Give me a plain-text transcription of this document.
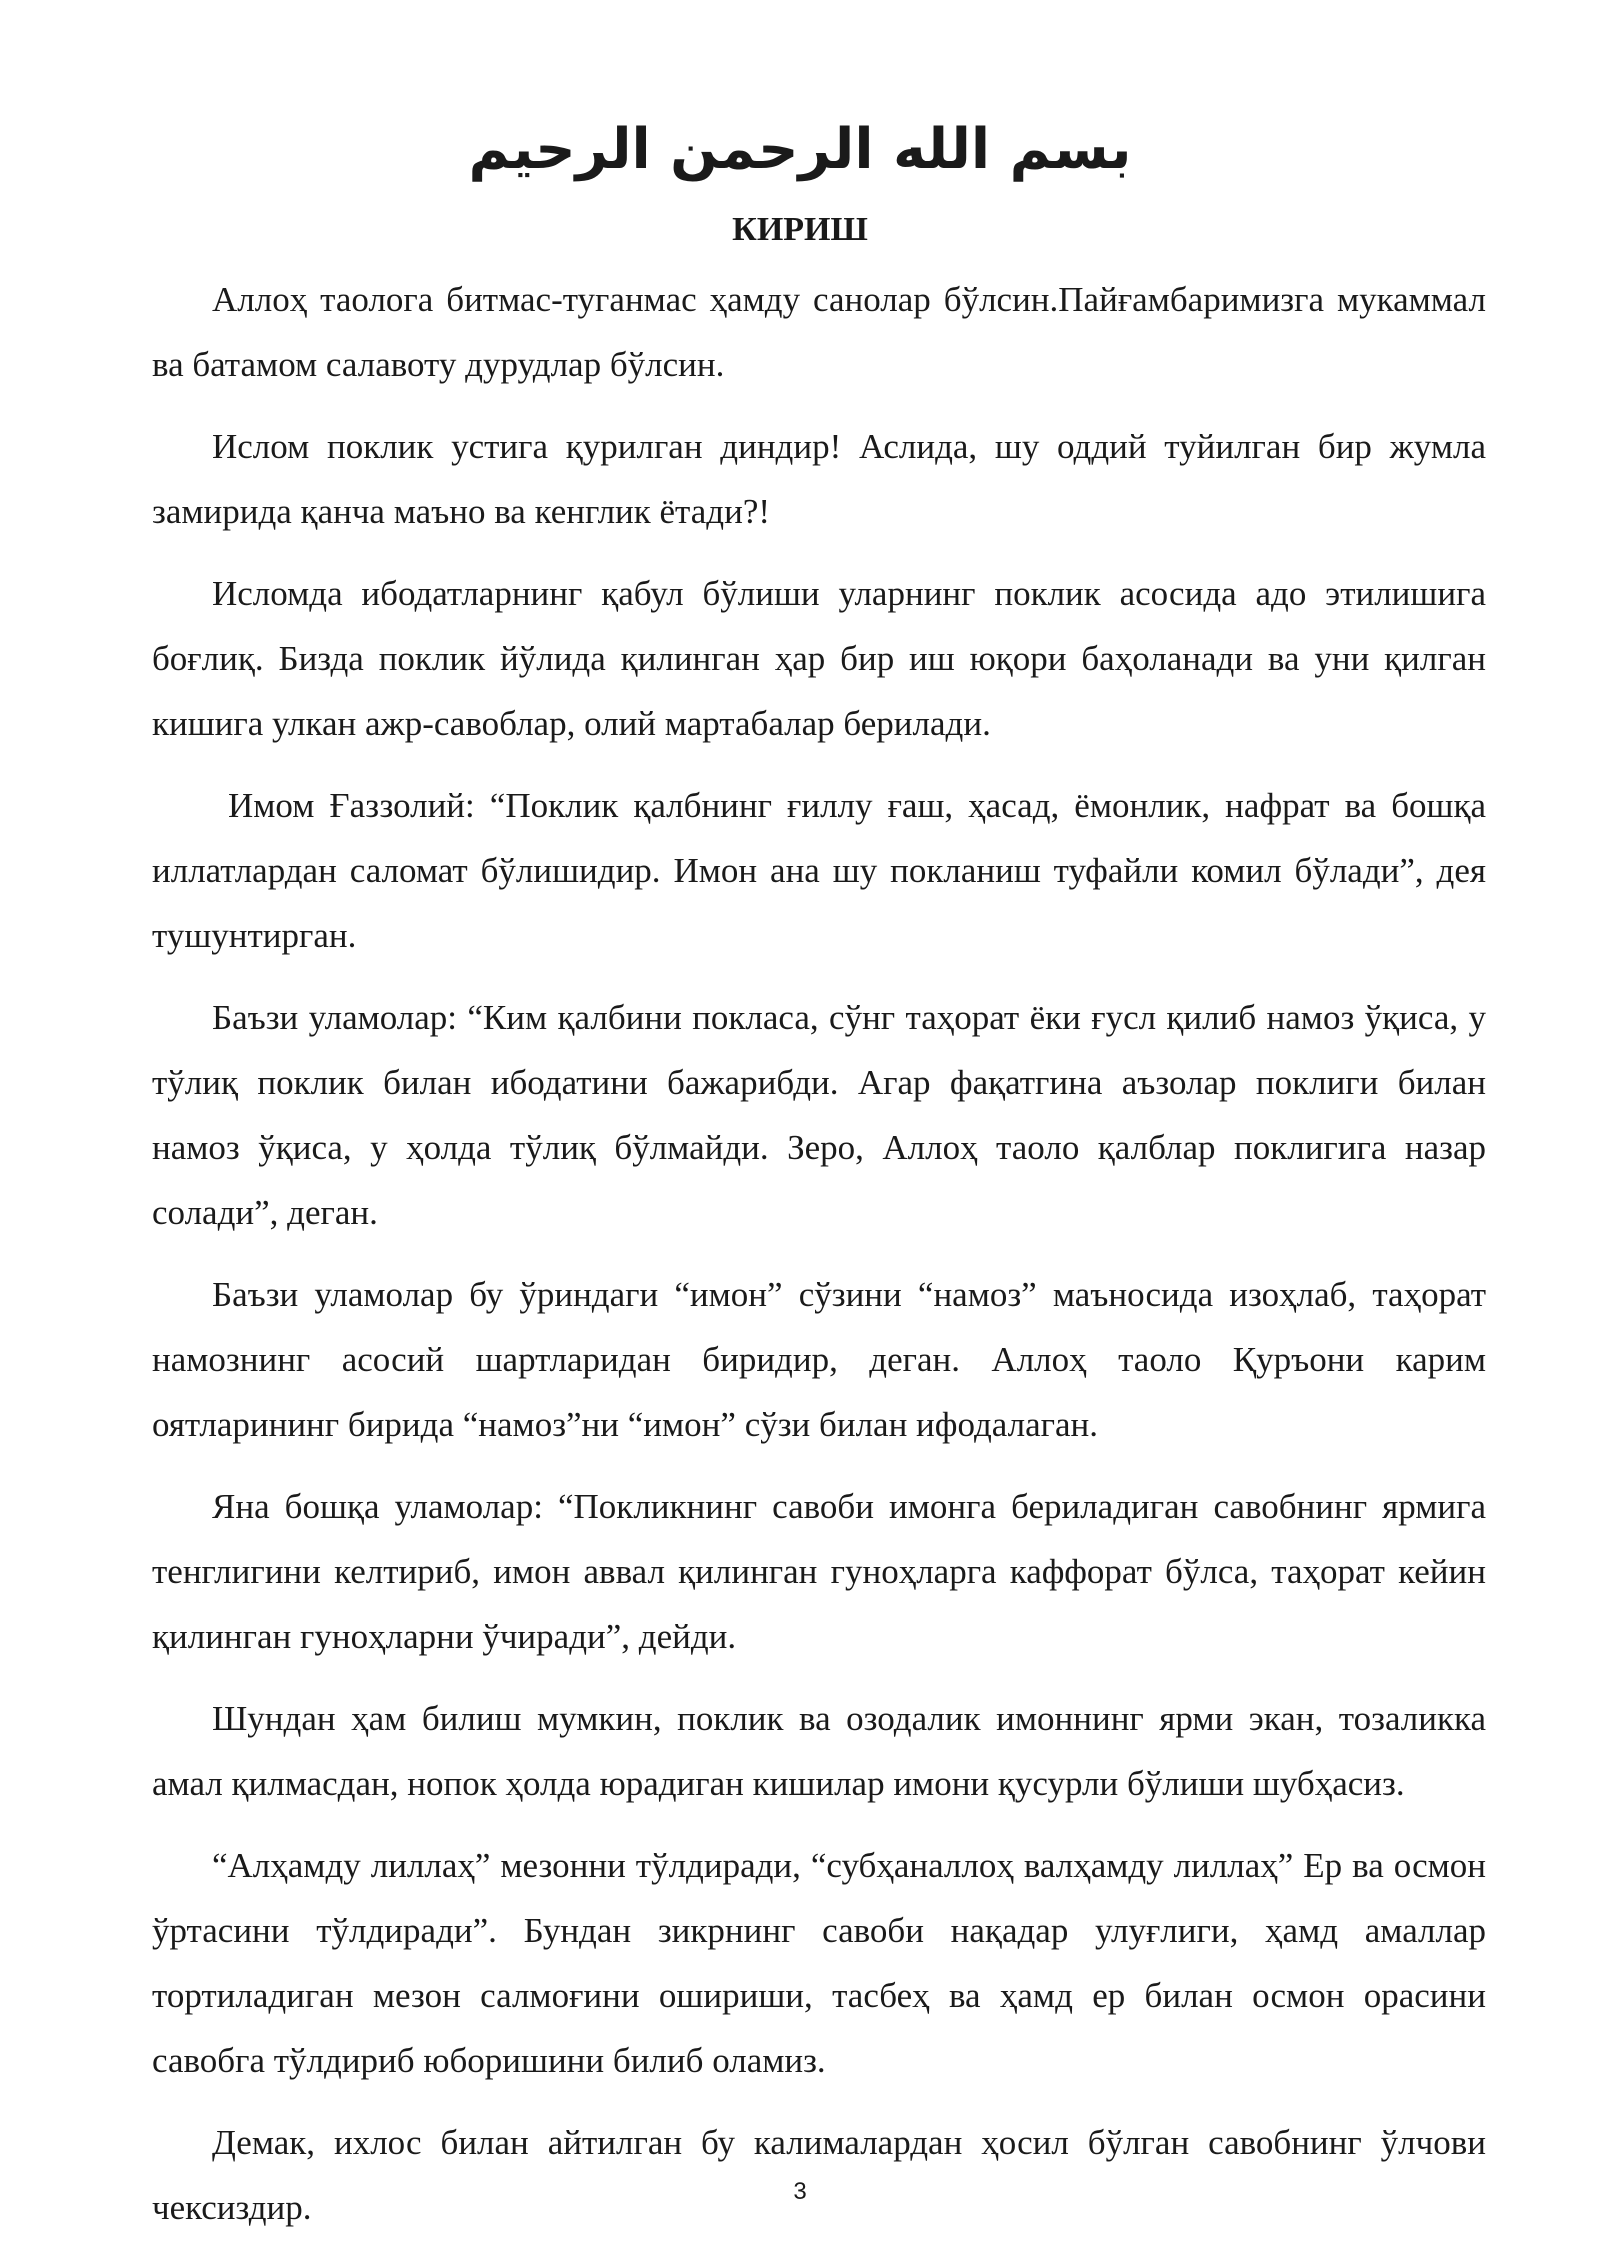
بسم الله الرحمن الرحيم
КИРИШ

Аллоҳ таолога битмас-туганмас ҳамду санолар бўлсин.Пайғамбаримизга мукаммал ва батамом салавоту дурудлар бўлсин.

Ислом поклик устига қурилган диндир! Аслида, шу оддий туйилган бир жумла замирида қанча маъно ва кенглик ётади?!

Исломда ибодатларнинг қабул бўлиши уларнинг поклик асосида адо этилишига боғлиқ. Бизда поклик йўлида қилинган ҳар бир иш юқори баҳоланади ва уни қилган кишига улкан ажр-савоблар, олий мартабалар берилади.

Имом Ғаззолий: “Поклик қалбнинг ғиллу ғаш, ҳасад, ёмонлик, нафрат ва бошқа иллатлардан саломат бўлишидир. Имон ана шу покланиш туфайли комил бўлади”, дея тушунтирган.

Баъзи уламолар: “Ким қалбини покласа, сўнг таҳорат ёки ғусл қилиб намоз ўқиса, у тўлиқ поклик билан ибодатини бажарибди. Агар фақатгина аъзолар поклиги билан намоз ўқиса, у ҳолда тўлиқ бўлмайди. Зеро, Аллоҳ таоло қалблар поклигига назар солади”, деган.

Баъзи уламолар бу ўриндаги “имон” сўзини “намоз” маъносида изоҳлаб, таҳорат намознинг асосий шартларидан биридир, деган. Аллоҳ таоло Қуръони карим оятларининг бирида “намоз”ни “имон” сўзи билан ифодалаган.

Яна бошқа уламолар: “Покликнинг савоби имонга бериладиган савобнинг ярмига тенглигини келтириб, имон аввал қилинган гуноҳларга каффорат бўлса, таҳорат кейин қилинган гуноҳларни ўчиради”, дейди.

Шундан ҳам билиш мумкин, поклик ва озодалик имоннинг ярми экан, тозаликка амал қилмасдан, нопок ҳолда юрадиган кишилар имони қусурли бўлиши шубҳасиз.

“Алҳамду лиллаҳ” мезонни тўлдиради, “субҳаналлоҳ валҳамду лиллаҳ” Ер ва осмон ўртасини тўлдиради”. Бундан зикрнинг савоби нақадар улуғлиги, ҳамд амаллар тортиладиган мезон салмоғини ошириши, тасбеҳ ва ҳамд ер билан осмон орасини савобга тўлдириб юборишини билиб оламиз.

Демак, ихлос билан айтилган бу калималардан ҳосил бўлган савобнинг ўлчови чексиздир.	3
